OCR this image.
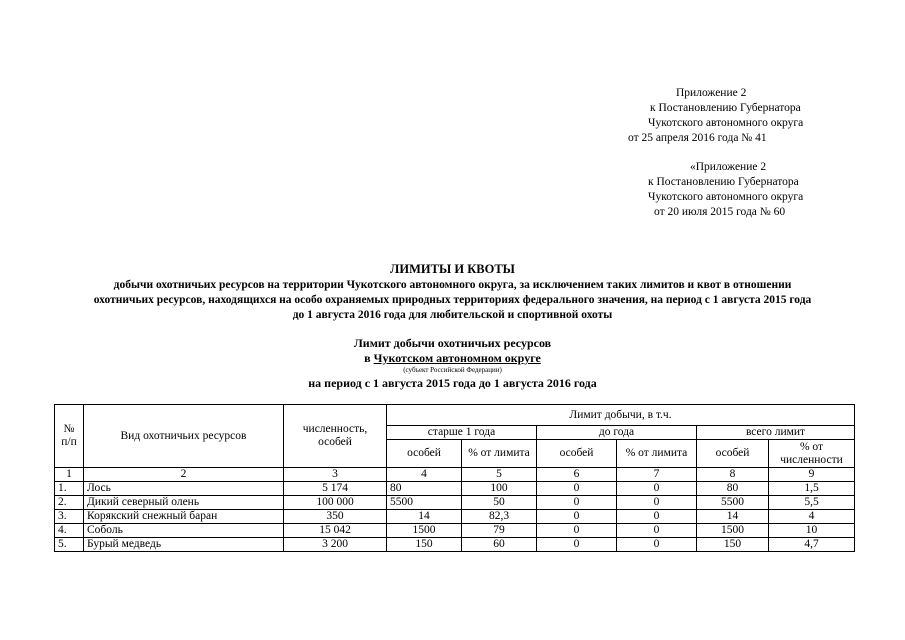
Приложение 2
к Постановлению Губернатора
Чукотского автономного округа
от 25 апреля 2016 года № 41
«Приложение 2
к Постановлению Губернатора
Чукотского автономного округа
от 20 июля 2015 года № 60
ЛИМИТЫ И КВОТЫ
добычи охотничьих ресурсов на территории Чукотского автономного округа, за исключением таких лимитов и квот в отношении
охотничьих ресурсов, находящихся на особо охраняемых природных территориях федерального значения, на период с 1 августа 2015 года
до 1 августа 2016 года для любительской и спортивной охоты
Лимит добычи охотничьих ресурсов
в Чукотском автономном округе
(субъект Российской Федерации)
на период с 1 августа 2015 года до 1 августа 2016 года
№ п/п	Вид охотничьих ресурсов	численность, особей	Лимит добычи, в т.ч.					
			старше 1 года		до года		всего лимит	
			особей	% от лимита	особей	% от лимита	особей	% от численности
1	2	3	4	5	6	7	8	9
1.	Лось	5 174	80	100	0	0	80	1,5
2.	Дикий северный олень	100 000	5500	50	0	0	5500	5,5
3.	Корякский снежный баран	350	14	82,3	0	0	14	4
4.	Соболь	15 042	1500	79	0	0	1500	10
5.	Бурый медведь	3 200	150	60	0	0	150	4,7
